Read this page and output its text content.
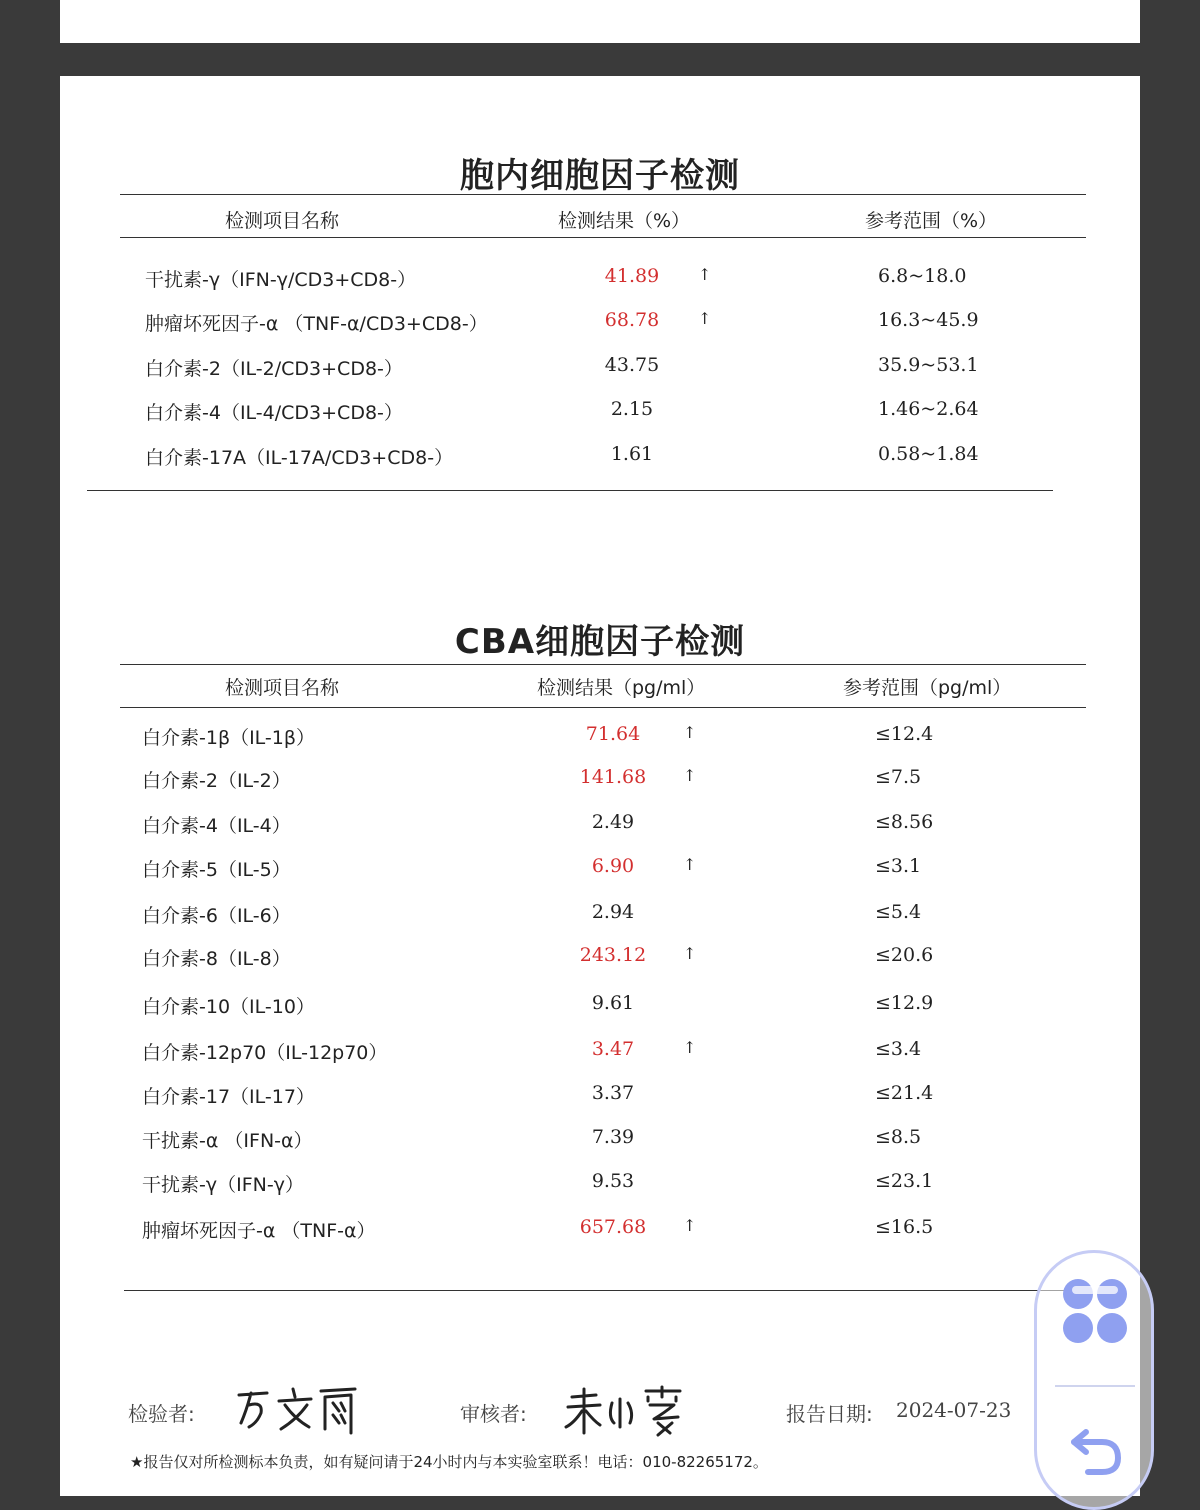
胞内细胞因子检测
检测项目名称	检测结果（%）	参考范围（%）
干扰素-γ（IFN-γ/CD3+CD8-）	41.89	↑	6.8~18.0
肿瘤坏死因子-α （TNF-α/CD3+CD8-）	68.78	↑	16.3~45.9
白介素-2（IL-2/CD3+CD8-）	43.75	35.9~53.1
白介素-4（IL-4/CD3+CD8-）	2.15	1.46~2.64
白介素-17A（IL-17A/CD3+CD8-）	1.61	0.58~1.84
CBA细胞因子检测
检测项目名称	检测结果（pg/ml）	参考范围（pg/ml）
白介素-1β（IL-1β）	71.64	↑	≤12.4
白介素-2（IL-2）	141.68	↑	≤7.5
白介素-4（IL-4）	2.49	≤8.56
白介素-5（IL-5）	6.90	↑	≤3.1
白介素-6（IL-6）	2.94	≤5.4
白介素-8（IL-8）	243.12	↑	≤20.6
白介素-10（IL-10）	9.61	≤12.9
白介素-12p70（IL-12p70）	3.47	↑	≤3.4
白介素-17（IL-17）	3.37	≤21.4
干扰素-α （IFN-α）	7.39	≤8.5
干扰素-γ（IFN-γ）	9.53	≤23.1
肿瘤坏死因子-α （TNF-α）	657.68	↑	≤16.5
检验者:	审核者:	报告日期: 2024-07-23
★报告仅对所检测标本负责，如有疑问请于24小时内与本实验室联系！电话：010-82265172。
